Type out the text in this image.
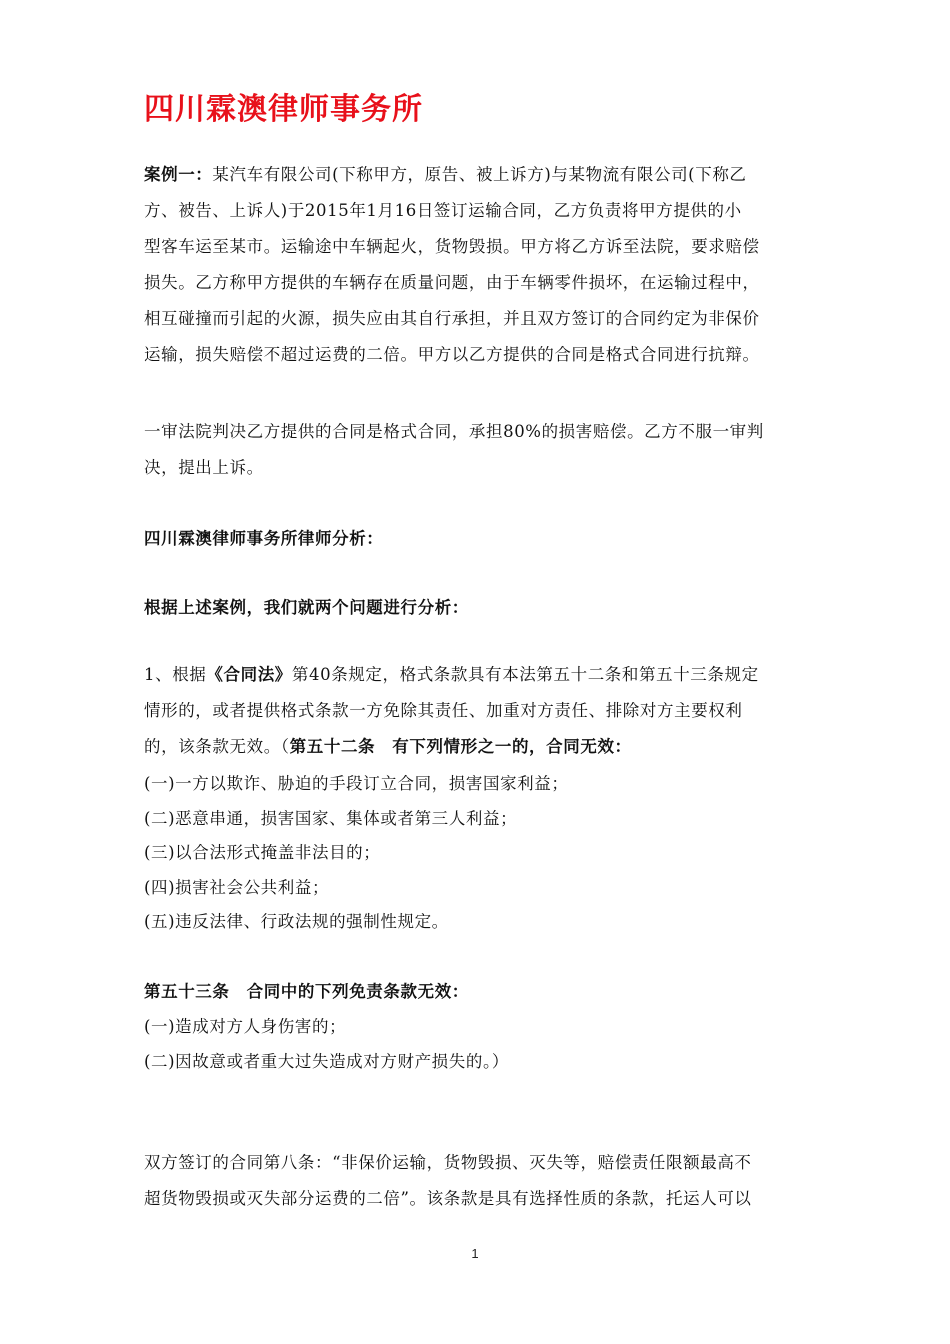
四川霖澳律师事务所
案例一：某汽车有限公司(下称甲方，原告、被上诉方)与某物流有限公司(下称乙
方、被告、上诉人)于2015年1月16日签订运输合同，乙方负责将甲方提供的小
型客车运至某市。运输途中车辆起火，货物毁损。甲方将乙方诉至法院，要求赔偿
损失。乙方称甲方提供的车辆存在质量问题，由于车辆零件损坏，在运输过程中，
相互碰撞而引起的火源，损失应由其自行承担，并且双方签订的合同约定为非保价
运输，损失赔偿不超过运费的二倍。甲方以乙方提供的合同是格式合同进行抗辩。
一审法院判决乙方提供的合同是格式合同，承担80%的损害赔偿。乙方不服一审判
决，提出上诉。
四川霖澳律师事务所律师分析：
根据上述案例，我们就两个问题进行分析：
1、根据《合同法》第40条规定，格式条款具有本法第五十二条和第五十三条规定
情形的，或者提供格式条款一方免除其责任、加重对方责任、排除对方主要权利
的，该条款无效。（第五十二条　有下列情形之一的，合同无效：
(一)一方以欺诈、胁迫的手段订立合同，损害国家利益；
(二)恶意串通，损害国家、集体或者第三人利益；
(三)以合法形式掩盖非法目的；
(四)损害社会公共利益；
(五)违反法律、行政法规的强制性规定。
第五十三条　合同中的下列免责条款无效：
(一)造成对方人身伤害的；
(二)因故意或者重大过失造成对方财产损失的。）
双方签订的合同第八条：“非保价运输，货物毁损、灭失等，赔偿责任限额最高不
超货物毁损或灭失部分运费的二倍”。该条款是具有选择性质的条款，托运人可以
1
